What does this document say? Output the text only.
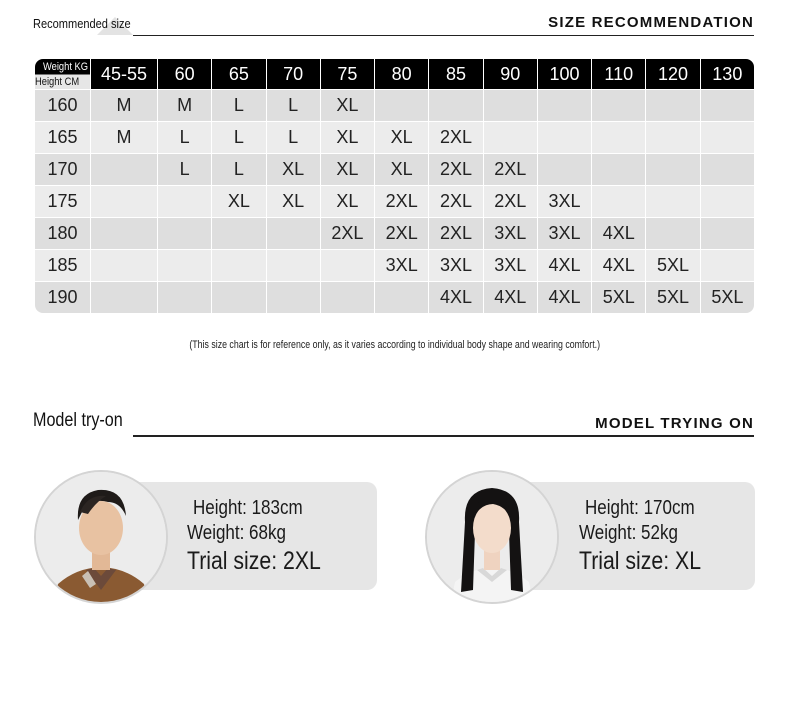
Recommended size	SIZE RECOMMENDATION
Weight KG
Height CM	45-55	60	65	70	75	80	85	90	100	110	120	130
160	M	M	L	L	XL							
165	M	L	L	L	XL	XL	2XL					
170		L	L	XL	XL	XL	2XL	2XL				
175			XL	XL	XL	2XL	2XL	2XL	3XL			
180					2XL	2XL	2XL	3XL	3XL	4XL		
185						3XL	3XL	3XL	4XL	4XL	5XL	
190							4XL	4XL	4XL	5XL	5XL	5XL
(This size chart is for reference only, as it varies according to individual body shape and wearing comfort.)
Model try-on	MODEL TRYING ON
Height: 183cm
Weight: 68kg
Trial size: 2XL
Height: 170cm
Weight: 52kg
Trial size: XL
